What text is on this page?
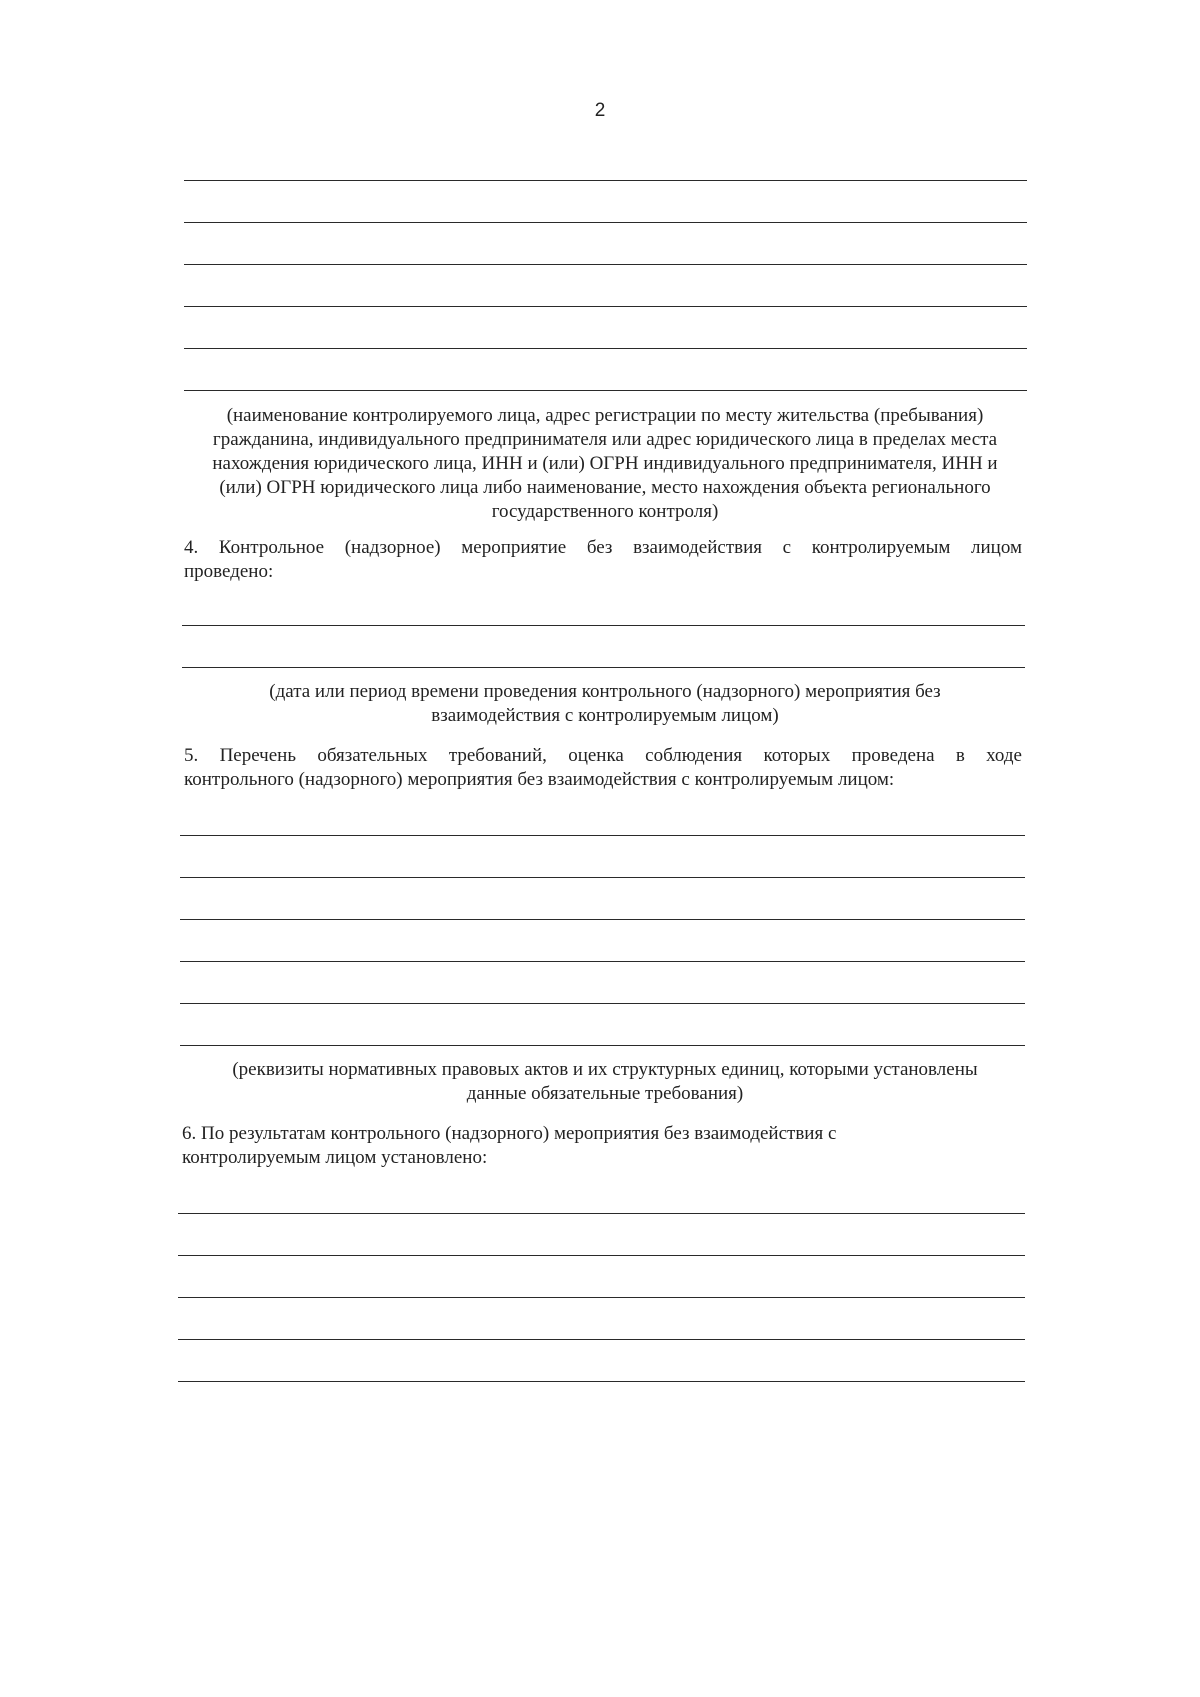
2
(наименование контролируемого лица, адрес регистрации по месту жительства (пребывания)
гражданина, индивидуального предпринимателя или адрес юридического лица в пределах места
нахождения юридического лица, ИНН и (или) ОГРН индивидуального предпринимателя, ИНН и
(или) ОГРН юридического лица либо наименование, место нахождения объекта регионального
государственного контроля)
4. Контрольное (надзорное) мероприятие без взаимодействия с контролируемым лицом
проведено:
(дата или период времени проведения контрольного (надзорного) мероприятия без
взаимодействия с контролируемым лицом)
5. Перечень обязательных требований, оценка соблюдения которых проведена в ходе
контрольного (надзорного) мероприятия без взаимодействия с контролируемым лицом:
(реквизиты нормативных правовых актов и их структурных единиц, которыми установлены
данные обязательные требования)
6. По результатам контрольного (надзорного) мероприятия без взаимодействия с
контролируемым лицом установлено:
